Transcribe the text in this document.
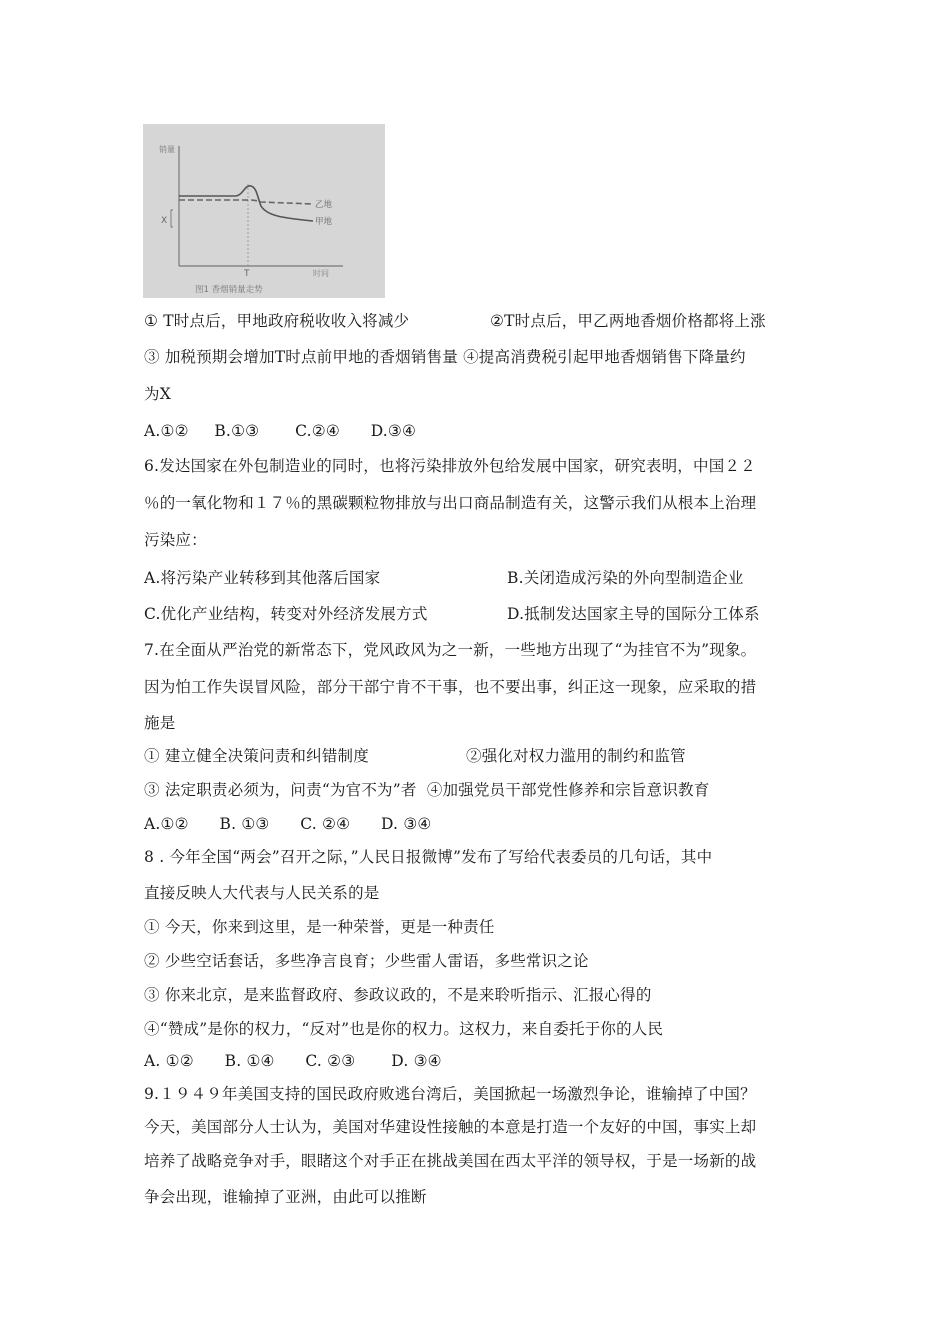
销量
X
T	时间
乙地
甲地
图1 香烟销量走势
① T时点后，甲地政府税收收入将减少	②T时点后，甲乙两地香烟价格都将上涨
③ 加税预期会增加T时点前甲地的香烟销售量 ④提高消费税引起甲地香烟销售下降量约
为X
A.①②     B.①③       C.②④      D.③④
6.发达国家在外包制造业的同时，也将污染排放外包给发展中国家，研究表明，中国２２
％的一氧化物和１７％的黑碳颗粒物排放与出口商品制造有关，这警示我们从根本上治理
污染应：
A.将污染产业转移到其他落后国家	B.关闭造成污染的外向型制造企业
C.优化产业结构，转变对外经济发展方式	D.抵制发达国家主导的国际分工体系
7.在全面从严治党的新常态下，党风政风为之一新，一些地方出现了“为挂官不为”现象。
因为怕工作失误冒风险，部分干部宁肯不干事，也不要出事，纠正这一现象，应采取的措
施是
① 建立健全决策问责和纠错制度	②强化对权力滥用的制约和监管
③ 法定职责必须为，问责“为官不为”者  ④加强党员干部党性修养和宗旨意识教育
A.①②      B. ①③      C. ②④      D. ③④
8 . 今年全国“两会”召开之际，”人民日报微博”发布了写给代表委员的几句话，其中
直接反映人大代表与人民关系的是
① 今天，你来到这里，是一种荣誉，更是一种责任
② 少些空话套话，多些净言良育；少些雷人雷语，多些常识之论
③ 你来北京，是来监督政府、参政议政的，不是来聆听指示、汇报心得的
④“赞成”是你的权力，“反对”也是你的权力。这权力，来自委托于你的人民
A. ①②      B. ①④      C. ②③       D. ③④
9.１９４９年美国支持的国民政府败逃台湾后，美国掀起一场激烈争论，谁输掉了中国？
今天，美国部分人士认为，美国对华建设性接触的本意是打造一个友好的中国，事实上却
培养了战略竞争对手，眼睹这个对手正在挑战美国在西太平洋的领导权，于是一场新的战
争会出现，谁输掉了亚洲，由此可以推断
